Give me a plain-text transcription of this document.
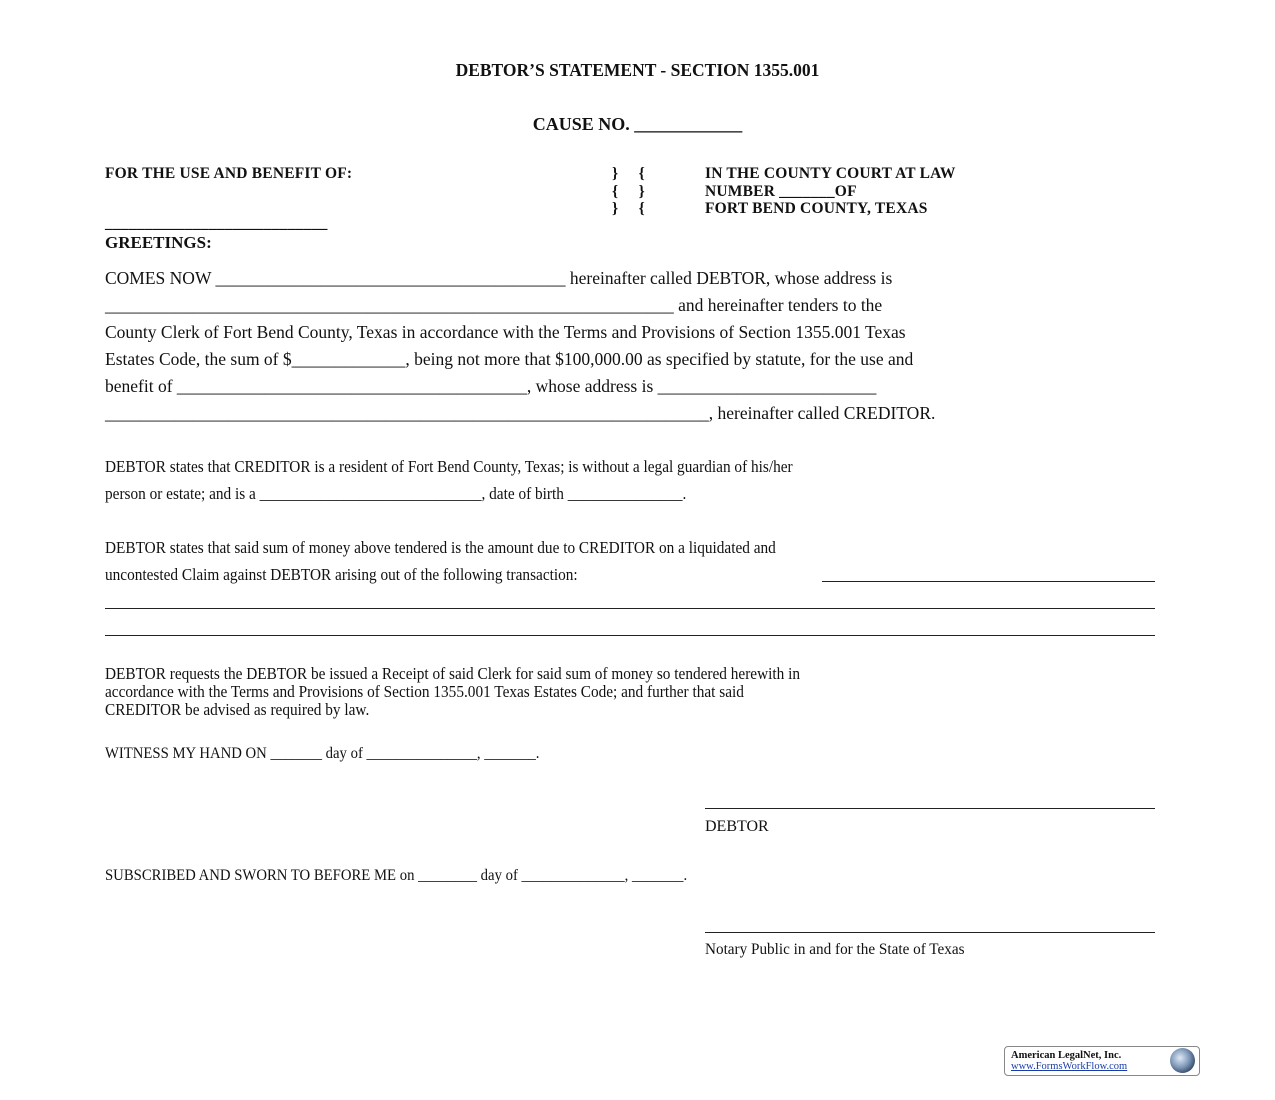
DEBTOR’S STATEMENT - SECTION 1355.001
CAUSE NO. ____________
FOR THE USE AND BENEFIT OF:
____________________________
}     {
{     }
}     {
IN THE COUNTY COURT AT LAW
NUMBER _______OF
FORT BEND COUNTY, TEXAS
GREETINGS:
COMES NOW ________________________________________ hereinafter called DEBTOR, whose address is
_________________________________________________________________ and hereinafter tenders to the
County Clerk of Fort Bend County, Texas in accordance with the Terms and Provisions of Section 1355.001 Texas
Estates Code, the sum of $_____________, being not more that $100,000.00 as specified by statute, for the use and
benefit of ________________________________________, whose address is _________________________
_____________________________________________________________________, hereinafter called CREDITOR.
DEBTOR states that CREDITOR is a resident of Fort Bend County, Texas; is without a legal guardian of his/her
person or estate; and is a _____________________________, date of birth _______________.
DEBTOR states that said sum of money above tendered is the amount due to CREDITOR on a liquidated and
uncontested Claim against DEBTOR arising out of the following transaction:
DEBTOR requests the DEBTOR be issued a Receipt of said Clerk for said sum of money so tendered herewith in
accordance with the Terms and Provisions of Section 1355.001 Texas Estates Code; and further that said
CREDITOR be advised as required by law.
WITNESS MY HAND ON _______ day of _______________, _______.
DEBTOR
SUBSCRIBED AND SWORN TO BEFORE ME on ________ day of ______________, _______.
Notary Public in and for the State of Texas
American LegalNet, Inc.
www.FormsWorkFlow.com
